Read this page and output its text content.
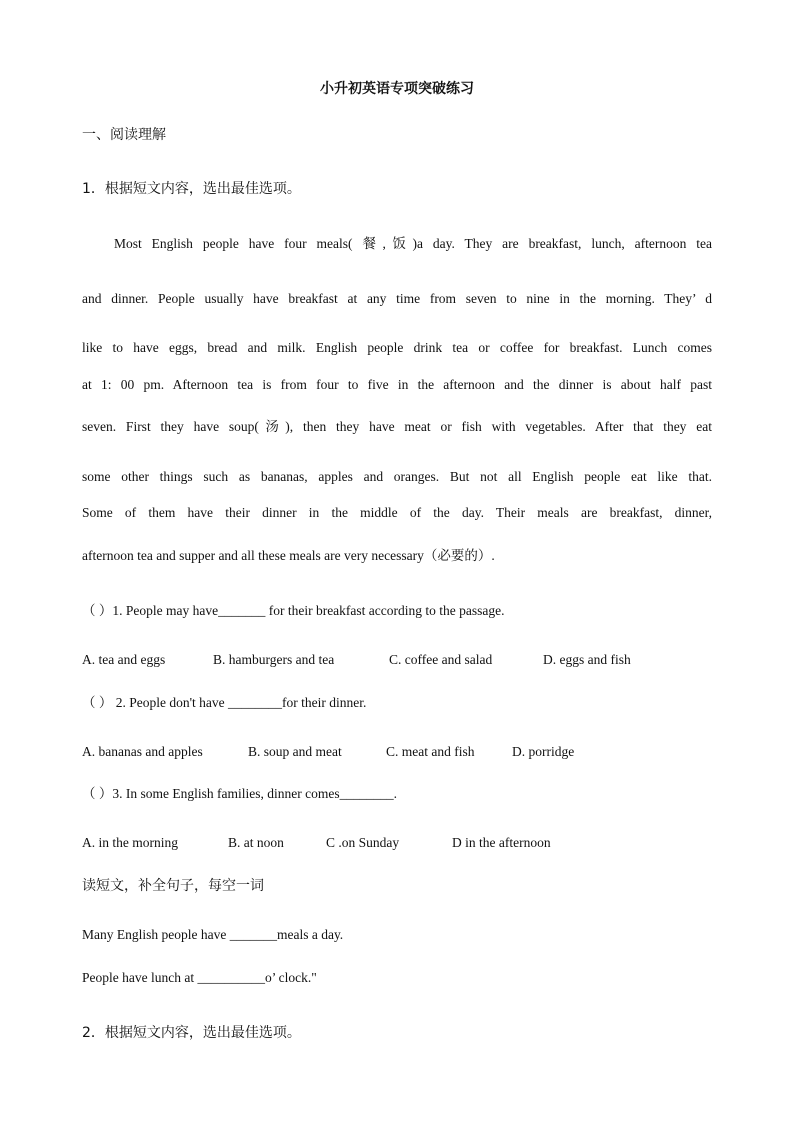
小升初英语专项突破练习
一、阅读理解
1．根据短文内容，选出最佳选项。
Most English people have four meals( 餐,饭)a day. They are breakfast, lunch, afternoon tea
and dinner. People usually have breakfast at any time from seven to nine in the morning. They’ d
like to have eggs, bread and milk. English people drink tea or coffee for breakfast. Lunch comes
at 1: 00 pm. Afternoon tea is from four to five in the afternoon and the dinner is about half past
seven. First they have soup(汤), then they have meat or fish with vegetables. After that they eat
some other things such as bananas, apples and oranges. But not all English people eat like that.
Some of them have their dinner in the middle of the day. Their meals are breakfast, dinner,
afternoon tea and supper and all these meals are very necessary（必要的）.
（ ）1. People may have_______ for their breakfast according to the passage.
A. tea and eggs	B. hamburgers and tea	C. coffee and salad	D. eggs and fish
（ ） 2. People don't have ________for their dinner.
A. bananas and apples	B. soup and meat	C. meat and fish	D. porridge
（ ）3. In some English families, dinner comes________.
A. in the morning	B. at noon	C .on Sunday	D in the afternoon
读短文，补全句子，每空一词
Many English people have _______meals a day.
People have lunch at __________o’ clock."
2．根据短文内容，选出最佳选项。
